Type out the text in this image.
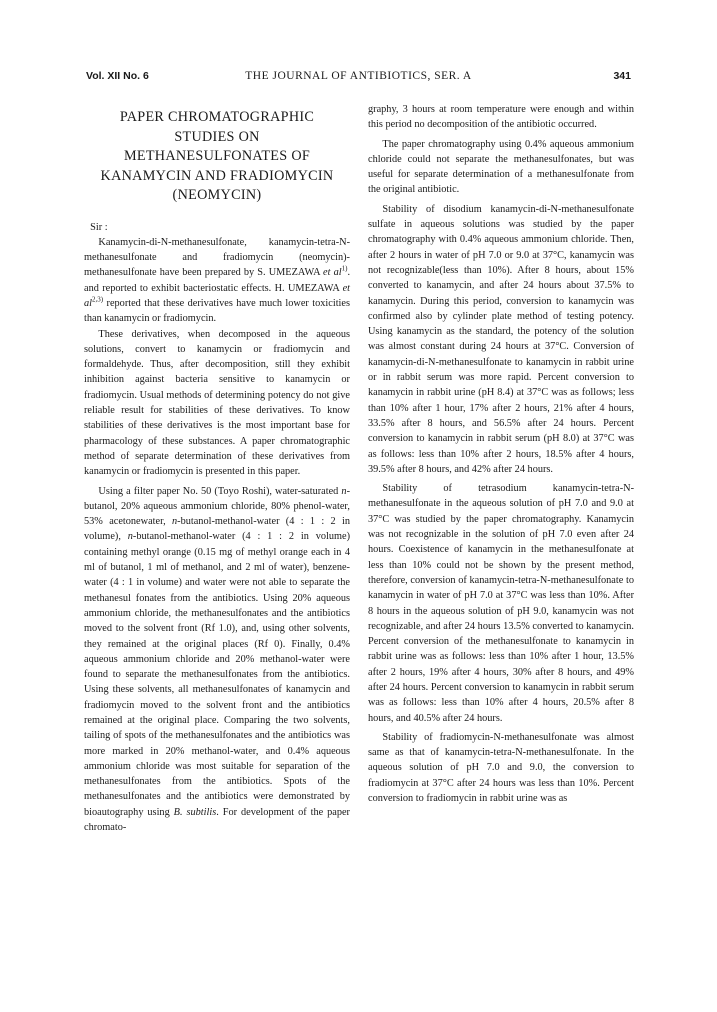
Vol. XII No. 6	THE JOURNAL OF ANTIBIOTICS, SER. A	341
PAPER CHROMATOGRAPHIC
STUDIES ON
METHANESULFONATES OF
KANAMYCIN AND FRADIOMYCIN
(NEOMYCIN)

Sir :

Kanamycin-di-N-methanesulfonate, kanamycin-tetra-N-methanesulfonate and fradiomycin (neomycin)-methanesulfonate have been prepared by S. UMEZAWA et $al^{1)}$. and reported to exhibit bacteriostatic effects. H. UMEZAWA et al$^{2,3)}$ reported that these derivatives have much lower toxicities than kanamycin or fradiomycin.

These derivatives, when decomposed in the aqueous solutions, convert to kanamycin or fradiomycin and formaldehyde. Thus, after decomposition, still they exhibit inhibition against bacteria sensitive to kanamycin or fradiomycin. Usual methods of determining potency do not give reliable result for stabilities of these derivatives. To know stabilities of these derivatives is the most important base for pharmacology of these substances. A paper chromatographic method of separate determination of these derivatives from kanamycin or fradiomycin is presented in this paper.

Using a filter paper No. 50 (Toyo Roshi), water-saturated n-butanol, 20% aqueous ammonium chloride, 80% phenol-water, 53% acetonewater, n-butanol-methanol-water (4 : 1 : 2 in volume), n-butanol-methanol-water (4 : 1 : 2 in volume) containing methyl orange (0.15 mg of methyl orange each in 4 ml of butanol, 1 ml of methanol, and 2 ml of water), benzene-water (4 : 1 in volume) and water were not able to separate the methanesul fonates from the antibiotics. Using 20% aqueous ammonium chloride, the methanesulfonates and the antibiotics moved to the solvent front (Rf 1.0), and, using other solvents, they remained at the original places (Rf 0). Finally, 0.4% aqueous ammonium chloride and 20% methanol-water were found to separate the methanesulfonates from the antibiotics. Using these solvents, all methanesulfonates of kanamycin and fradiomycin moved to the solvent front and the antibiotics remained at the original place. Comparing the two solvents, tailing of spots of the methanesulfonates and the antibiotics was more marked in 20% methanol-water, and 0.4% aqueous ammonium chloride was most suitable for separation of the methanesulfonates from the antibiotics. Spots of the methanesulfonates and the antibiotics were demonstrated by bioautography using B. subtilis. For development of the paper chromato-

graphy, 3 hours at room temperature were enough and within this period no decomposition of the antibiotic occurred.

The paper chromatography using 0.4% aqueous ammonium chloride could not separate the methanesulfonates, but was useful for separate determination of a methanesulfonate from the original antibiotic.

Stability of disodium kanamycin-di-N-methanesulfonate sulfate in aqueous solutions was studied by the paper chromatography with 0.4% aqueous ammonium chloride. Then, after 2 hours in water of pH 7.0 or 9.0 at 37°C, kanamycin was not recognizable(less than 10%). After 8 hours, about 15% converted to kanamycin, and after 24 hours about 37.5% to kanamycin. During this period, conversion to kanamycin was confirmed also by cylinder plate method of testing potency. Using kanamycin as the standard, the potency of the solution was almost constant during 24 hours at 37°C. Conversion of kanamycin-di-N-methanesulfonate to kanamycin in rabbit urine or in rabbit serum was more rapid. Percent conversion to kanamycin in rabbit urine (pH 8.4) at 37°C was as follows; less than 10% after 1 hour, 17% after 2 hours, 21% after 4 hours, 33.5% after 8 hours, and 56.5% after 24 hours. Percent conversion to kanamycin in rabbit serum (pH 8.0) at 37°C was as follows: less than 10% after 2 hours, 18.5% after 4 hours, 39.5% after 8 hours, and 42% after 24 hours.

Stability of tetrasodium kanamycin-tetra-N-methanesulfonate in the aqueous solution of pH 7.0 and 9.0 at 37°C was studied by the paper chromatography. Kanamycin was not recognizable in the solution of pH 7.0 even after 24 hours. Coexistence of kanamycin in the methanesulfonate at less than 10% could not be shown by the present method, therefore, conversion of kanamycin-tetra-N-methanesulfonate to kanamycin in water of pH 7.0 at 37°C was less than 10%. After 8 hours in the aqueous solution of pH 9.0, kanamycin was not recognizable, and after 24 hours 13.5% converted to kanamycin. Percent conversion of the methanesulfonate to kanamycin in rabbit urine was as follows: less than 10% after 1 hour, 13.5% after 2 hours, 19% after 4 hours, 30% after 8 hours, and 49% after 24 hours. Percent conversion to kanamycin in rabbit serum was as follows: less than 10% after 4 hours, 20.5% after 8 hours, and 40.5% after 24 hours.

Stability of fradiomycin-N-methanesulfonate was almost same as that of kanamycin-tetra-N-methanesulfonate. In the aqueous solution of pH 7.0 and 9.0, the conversion to fradiomycin at 37°C after 24 hours was less than 10%. Percent conversion to fradiomycin in rabbit urine was as
